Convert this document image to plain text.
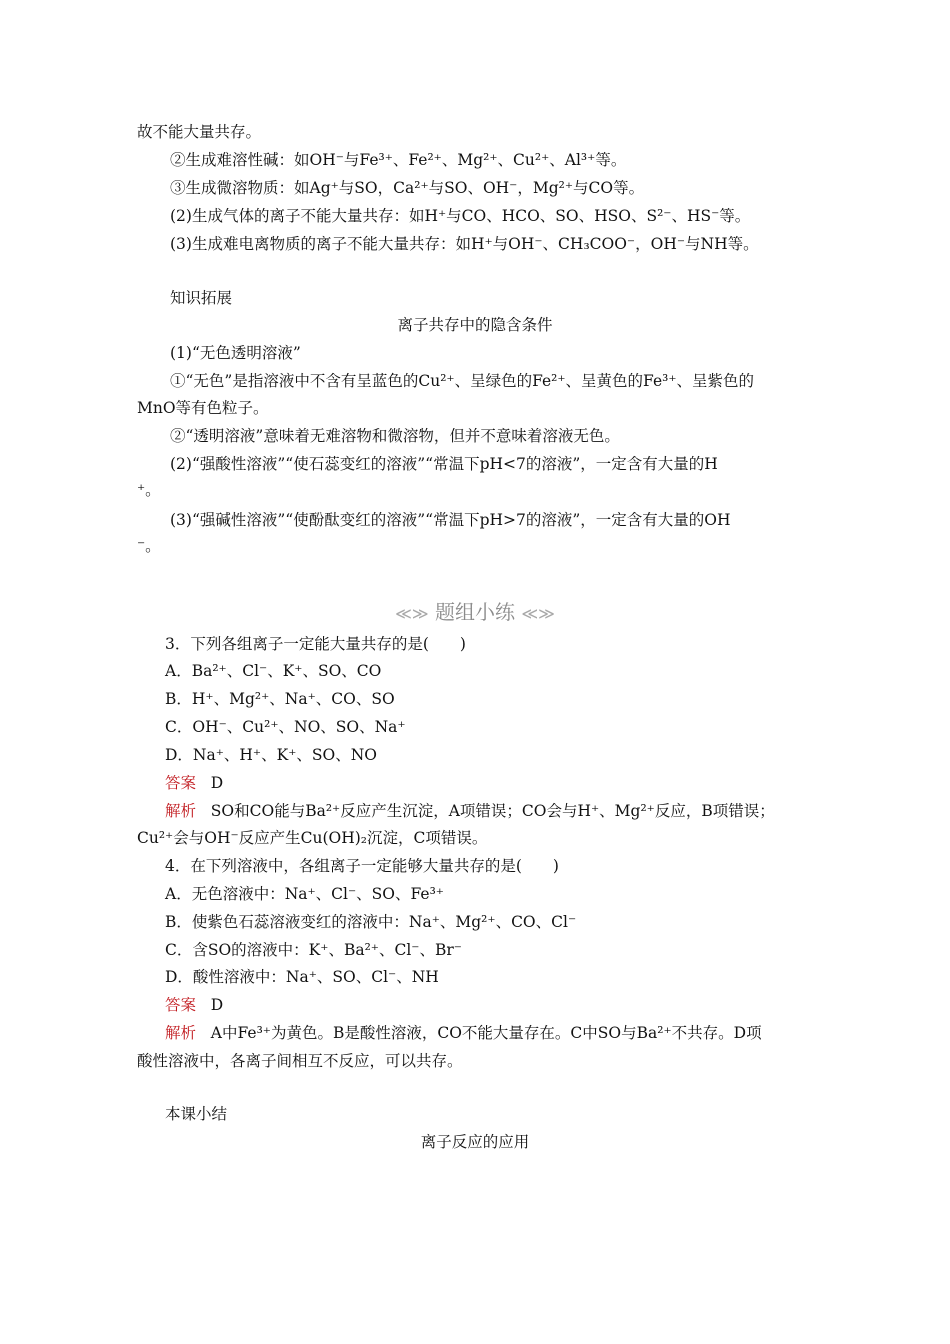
故不能大量共存。
②生成难溶性碱：如OH⁻与Fe³⁺、Fe²⁺、Mg²⁺、Cu²⁺、Al³⁺等。
③生成微溶物质：如Ag⁺与SO，Ca²⁺与SO、OH⁻，Mg²⁺与CO等。
(2)生成气体的离子不能大量共存：如H⁺与CO、HCO、SO、HSO、S²⁻、HS⁻等。
(3)生成难电离物质的离子不能大量共存：如H⁺与OH⁻、CH₃COO⁻，OH⁻与NH等。
知识拓展
离子共存中的隐含条件
(1)“无色透明溶液”
①“无色”是指溶液中不含有呈蓝色的Cu²⁺、呈绿色的Fe²⁺、呈黄色的Fe³⁺、呈紫色的
MnO等有色粒子。
②“透明溶液”意味着无难溶物和微溶物，但并不意味着溶液无色。
(2)“强酸性溶液”“使石蕊变红的溶液”“常温下pH<7的溶液”，一定含有大量的H
⁺。
(3)“强碱性溶液”“使酚酞变红的溶液”“常温下pH>7的溶液”，一定含有大量的OH
⁻。
≪≫ 题组小练 ≪≫
3．下列各组离子一定能大量共存的是(　　)
A．Ba²⁺、Cl⁻、K⁺、SO、CO
B．H⁺、Mg²⁺、Na⁺、CO、SO
C．OH⁻、Cu²⁺、NO、SO、Na⁺
D．Na⁺、H⁺、K⁺、SO、NO
答案 D
解析 SO和CO能与Ba²⁺反应产生沉淀，A项错误；CO会与H⁺、Mg²⁺反应，B项错误；
Cu²⁺会与OH⁻反应产生Cu(OH)₂沉淀，C项错误。
4．在下列溶液中，各组离子一定能够大量共存的是(　　)
A．无色溶液中：Na⁺、Cl⁻、SO、Fe³⁺
B．使紫色石蕊溶液变红的溶液中：Na⁺、Mg²⁺、CO、Cl⁻
C．含SO的溶液中：K⁺、Ba²⁺、Cl⁻、Br⁻
D．酸性溶液中：Na⁺、SO、Cl⁻、NH
答案 D
解析 A中Fe³⁺为黄色。B是酸性溶液，CO不能大量存在。C中SO与Ba²⁺不共存。D项
酸性溶液中，各离子间相互不反应，可以共存。
本课小结
离子反应的应用
